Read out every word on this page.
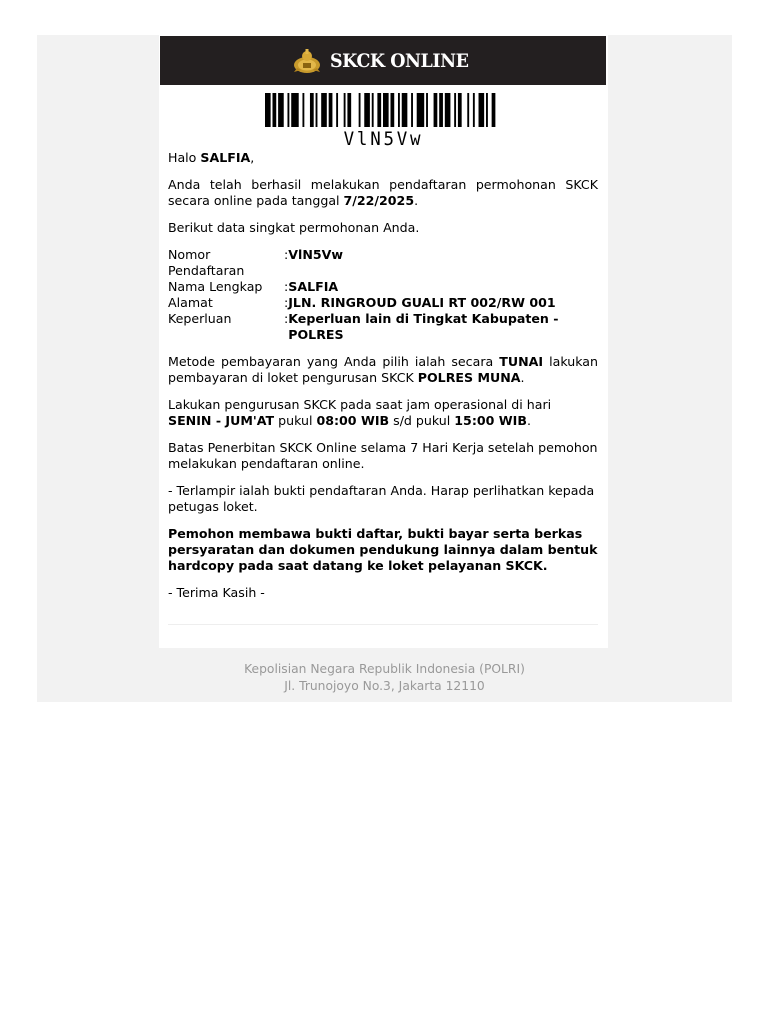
SKCK ONLINE
VlN5Vw

Halo SALFIA,

Anda telah berhasil melakukan pendaftaran permohonan SKCK secara online pada tanggal 7/22/2025.

Berikut data singkat permohonan Anda.

Nomor Pendaftaran	:	VlN5Vw
Nama Lengkap	:	SALFIA
Alamat	:	JLN. RINGROUD GUALI RT 002/RW 001
Keperluan	:	Keperluan lain di Tingkat Kabupaten - POLRES

Metode pembayaran yang Anda pilih ialah secara TUNAI lakukan pembayaran di loket pengurusan SKCK POLRES MUNA.

Lakukan pengurusan SKCK pada saat jam operasional di hari SENIN - JUM'AT pukul 08:00 WIB s/d pukul 15:00 WIB.

Batas Penerbitan SKCK Online selama 7 Hari Kerja setelah pemohon melakukan pendaftaran online.

- Terlampir ialah bukti pendaftaran Anda. Harap perlihatkan kepada petugas loket.

Pemohon membawa bukti daftar, bukti bayar serta berkas persyaratan dan dokumen pendukung lainnya dalam bentuk hardcopy pada saat datang ke loket pelayanan SKCK.

- Terima Kasih -

Kepolisian Negara Republik Indonesia (POLRI)
Jl. Trunojoyo No.3, Jakarta 12110
